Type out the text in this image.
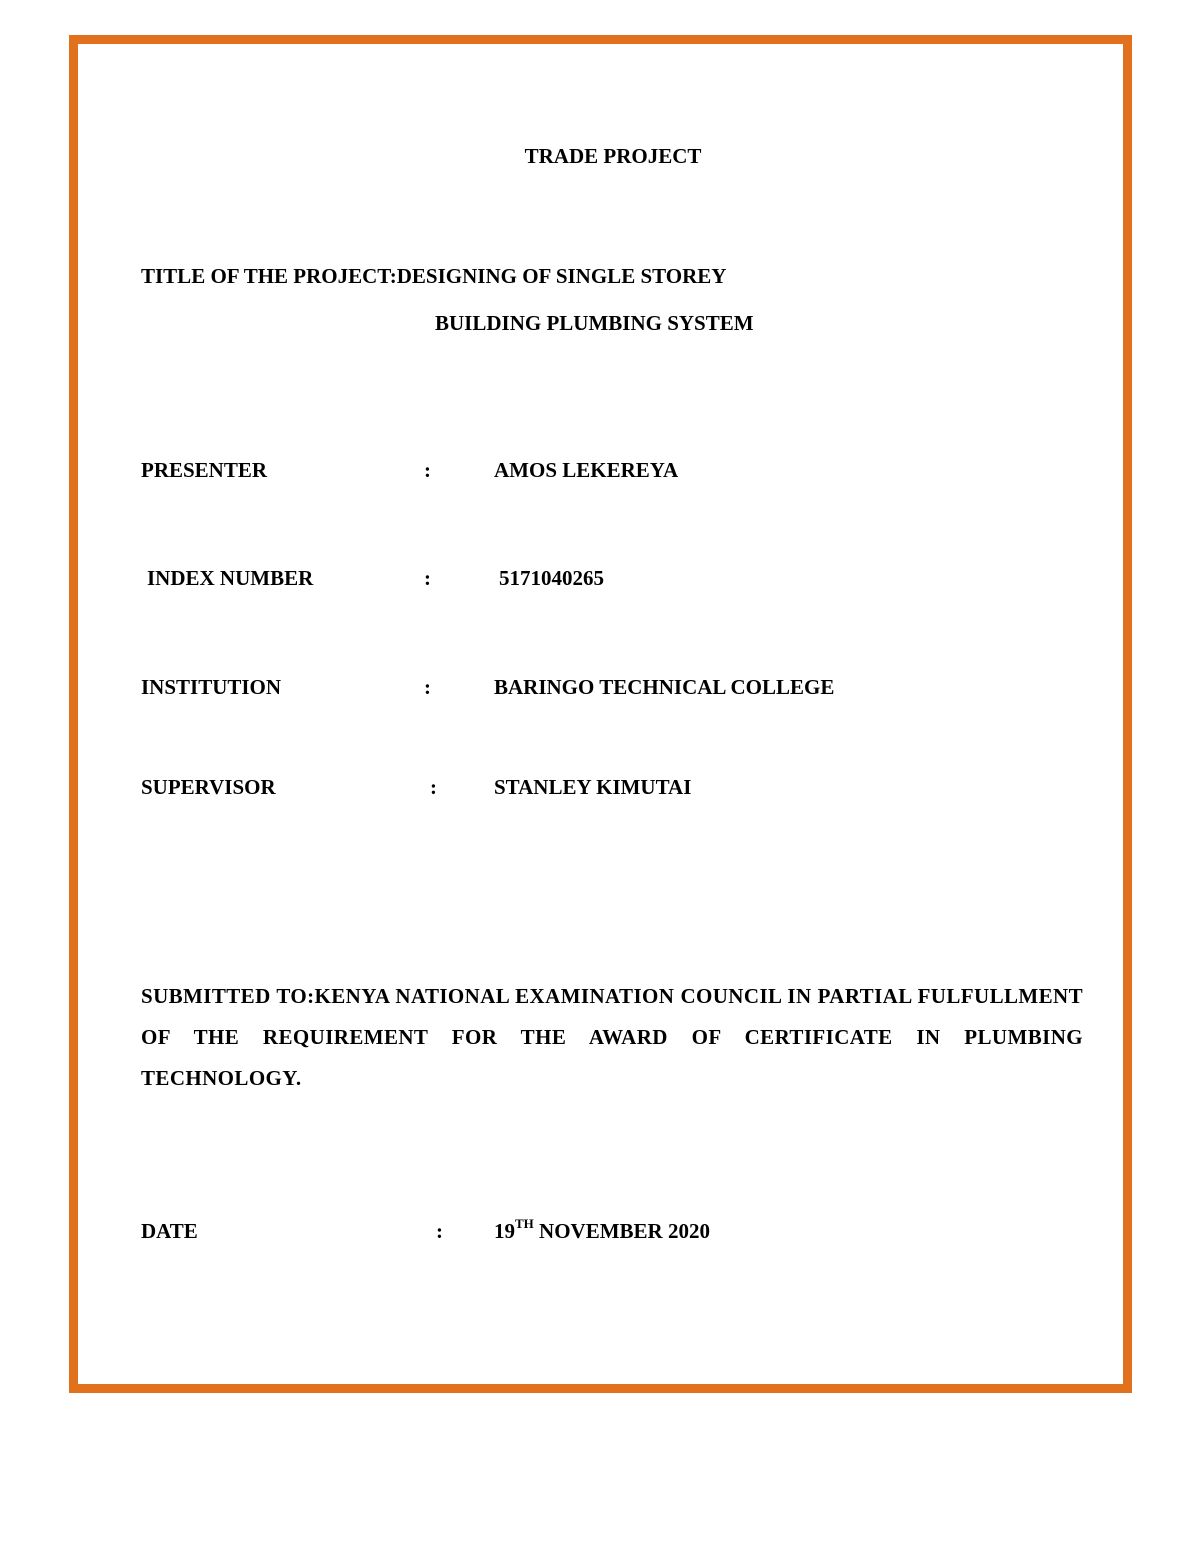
TRADE PROJECT
TITLE OF THE PROJECT:DESIGNING OF SINGLE STOREY
BUILDING PLUMBING SYSTEM
PRESENTER	:	AMOS LEKEREYA
INDEX NUMBER	:	5171040265
INSTITUTION	:	BARINGO TECHNICAL COLLEGE
SUPERVISOR	:	STANLEY KIMUTAI
SUBMITTED TO:KENYA NATIONAL EXAMINATION COUNCIL IN PARTIAL FULFULLMENT OF THE REQUIREMENT FOR THE AWARD OF CERTIFICATE IN PLUMBING TECHNOLOGY.
DATE	: 19TH NOVEMBER 2020
